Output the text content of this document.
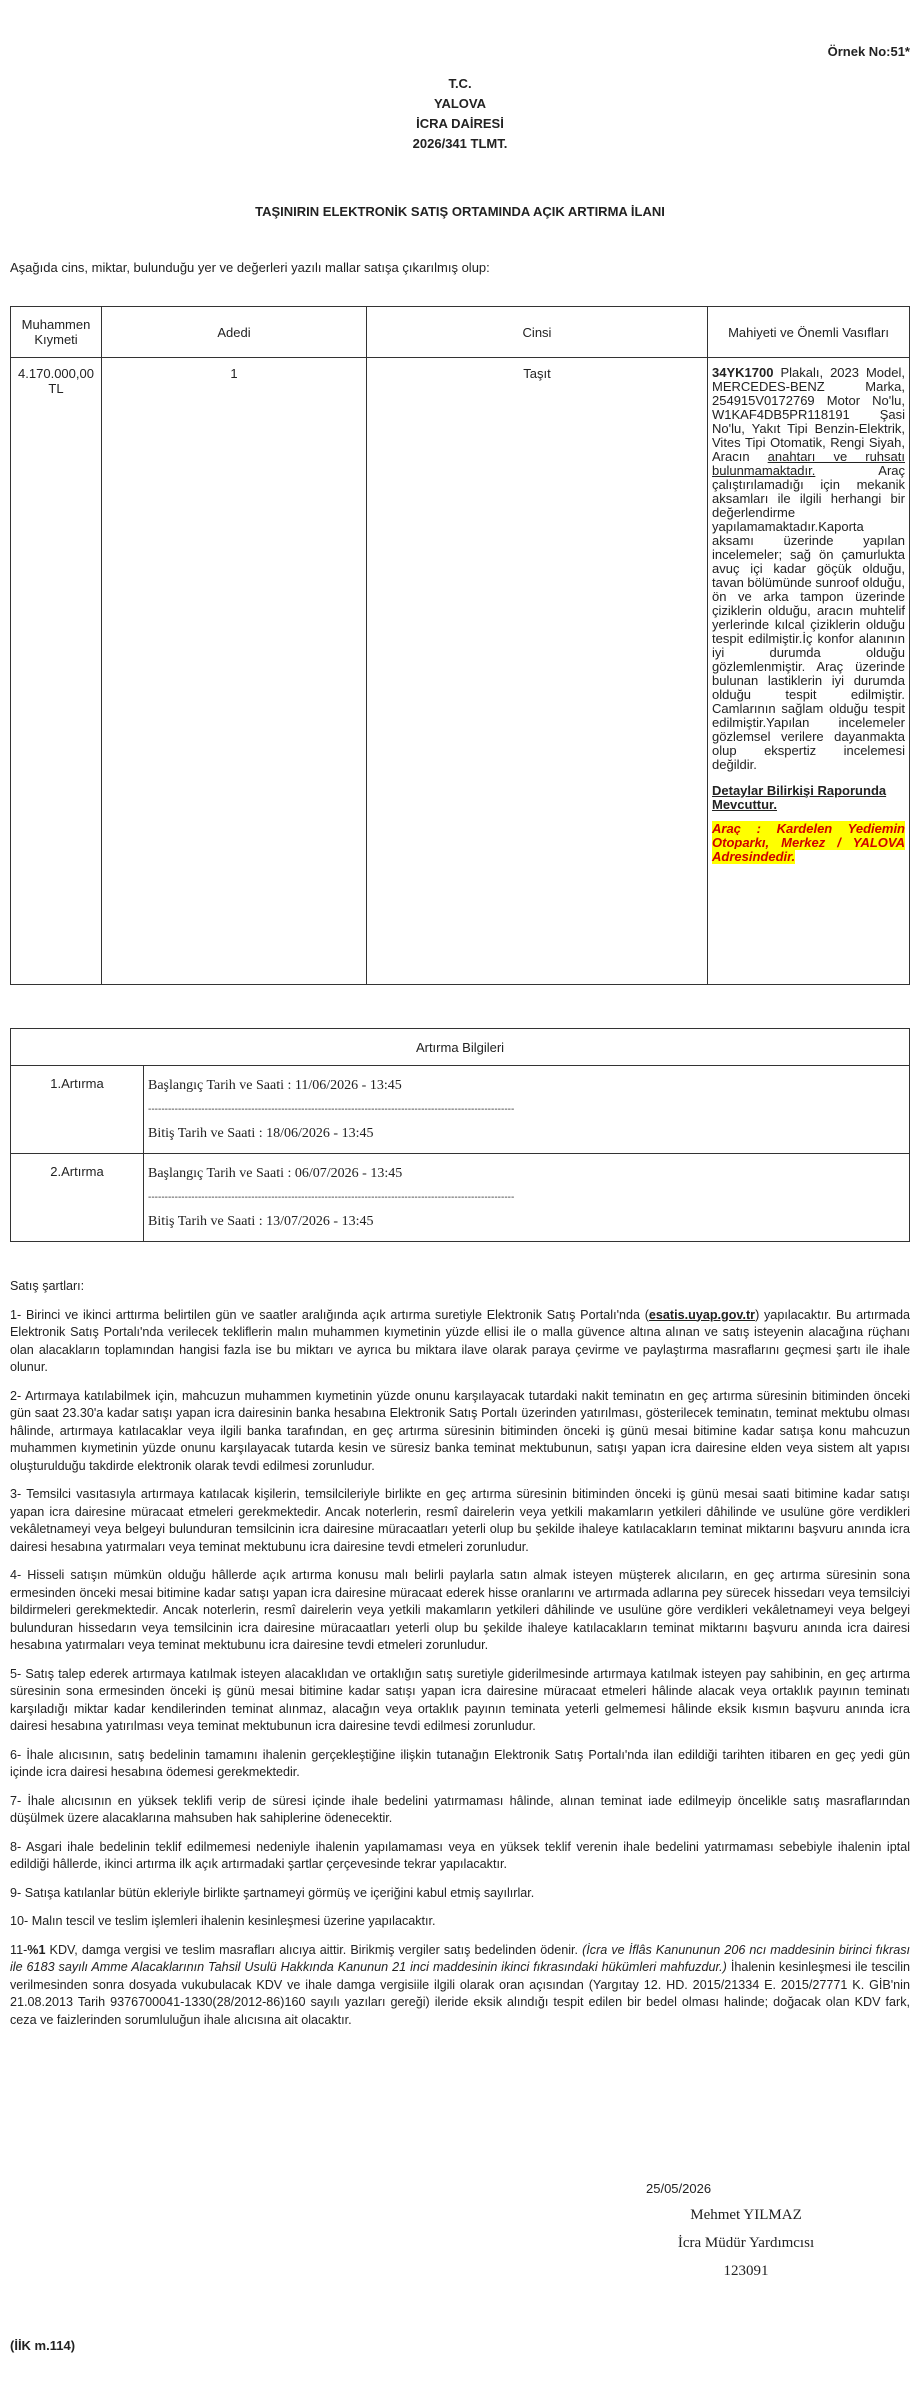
Örnek No:51*
T.C.
YALOVA
İCRA DAİRESİ
2026/341 TLMT.
TAŞINIRIN ELEKTRONİK SATIŞ ORTAMINDA AÇIK ARTIRMA İLANI
Aşağıda cins, miktar, bulunduğu yer ve değerleri yazılı mallar satışa çıkarılmış olup:
Muhammen Kıymeti	Adedi	Cinsi	Mahiyeti ve Önemli Vasıfları
4.170.000,00 TL	1	Taşıt	34YK1700 Plakalı, 2023 Model, MERCEDES-BENZ Marka, 254915V0172769 Motor No'lu, W1KAF4DB5PR118191 Şasi No'lu, Yakıt Tipi Benzin-Elektrik, Vites Tipi Otomatik, Rengi Siyah, Aracın anahtarı ve ruhsatı bulunmamaktadır. Araç çalıştırılamadığı için mekanik aksamları ile ilgili herhangi bir değerlendirme yapılamamaktadır.Kaporta aksamı üzerinde yapılan incelemeler; sağ ön çamurlukta avuç içi kadar göçük olduğu, tavan bölümünde sunroof olduğu, ön ve arka tampon üzerinde çiziklerin olduğu, aracın muhtelif yerlerinde kılcal çiziklerin olduğu tespit edilmiştir.İç konfor alanının iyi durumda olduğu gözlemlenmiştir. Araç üzerinde bulunan lastiklerin iyi durumda olduğu tespit edilmiştir. Camlarının sağlam olduğu tespit edilmiştir.Yapılan incelemeler gözlemsel verilere dayanmakta olup ekspertiz incelemesi değildir.
Detaylar Bilirkişi Raporunda Mevcuttur.
Araç : Kardelen Yediemin Otoparkı, Merkez / YALOVA Adresindedir.
Artırma Bilgileri	
1.Artırma	Başlangıç Tarih ve Saati : 11/06/2026 - 13:45
--------------------------------------------------------------------------------------------------------------
Bitiş Tarih ve Saati : 18/06/2026 - 13:45

2.Artırma	Başlangıç Tarih ve Saati : 06/07/2026 - 13:45
--------------------------------------------------------------------------------------------------------------
Bitiş Tarih ve Saati : 13/07/2026 - 13:45

Satış şartları:

1- Birinci ve ikinci arttırma belirtilen gün ve saatler aralığında açık artırma suretiyle Elektronik Satış Portalı'nda (esatis.uyap.gov.tr) yapılacaktır. Bu artırmada Elektronik Satış Portalı'nda verilecek tekliflerin malın muhammen kıymetinin yüzde ellisi ile o malla güvence altına alınan ve satış isteyenin alacağına rüçhanı olan alacakların toplamından hangisi fazla ise bu miktarı ve ayrıca bu miktara ilave olarak paraya çevirme ve paylaştırma masraflarını geçmesi şartı ile ihale olunur.

2- Artırmaya katılabilmek için, mahcuzun muhammen kıymetinin yüzde onunu karşılayacak tutardaki nakit teminatın en geç artırma süresinin bitiminden önceki gün saat 23.30'a kadar satışı yapan icra dairesinin banka hesabına Elektronik Satış Portalı üzerinden yatırılması, gösterilecek teminatın, teminat mektubu olması hâlinde, artırmaya katılacaklar veya ilgili banka tarafından, en geç artırma süresinin bitiminden önceki iş günü mesai bitimine kadar satışa konu mahcuzun muhammen kıymetinin yüzde onunu karşılayacak tutarda kesin ve süresiz banka teminat mektubunun, satışı yapan icra dairesine elden veya sistem alt yapısı oluşturulduğu takdirde elektronik olarak tevdi edilmesi zorunludur.

3- Temsilci vasıtasıyla artırmaya katılacak kişilerin, temsilcileriyle birlikte en geç artırma süresinin bitiminden önceki iş günü mesai saati bitimine kadar satışı yapan icra dairesine müracaat etmeleri gerekmektedir. Ancak noterlerin, resmî dairelerin veya yetkili makamların yetkileri dâhilinde ve usulüne göre verdikleri vekâletnameyi veya belgeyi bulunduran temsilcinin icra dairesine müracaatları yeterli olup bu şekilde ihaleye katılacakların teminat miktarını başvuru anında icra dairesi hesabına yatırmaları veya teminat mektubunu icra dairesine tevdi etmeleri zorunludur.

4- Hisseli satışın mümkün olduğu hâllerde açık artırma konusu malı belirli paylarla satın almak isteyen müşterek alıcıların, en geç artırma süresinin sona ermesinden önceki mesai bitimine kadar satışı yapan icra dairesine müracaat ederek hisse oranlarını ve artırmada adlarına pey sürecek hissedarı veya temsilciyi bildirmeleri gerekmektedir. Ancak noterlerin, resmî dairelerin veya yetkili makamların yetkileri dâhilinde ve usulüne göre verdikleri vekâletnameyi veya belgeyi bulunduran hissedarın veya temsilcinin icra dairesine müracaatları yeterli olup bu şekilde ihaleye katılacakların teminat miktarını başvuru anında icra dairesi hesabına yatırmaları veya teminat mektubunu icra dairesine tevdi etmeleri zorunludur.

5- Satış talep ederek artırmaya katılmak isteyen alacaklıdan ve ortaklığın satış suretiyle giderilmesinde artırmaya katılmak isteyen pay sahibinin, en geç artırma süresinin sona ermesinden önceki iş günü mesai bitimine kadar satışı yapan icra dairesine müracaat etmeleri hâlinde alacak veya ortaklık payının teminatı karşıladığı miktar kadar kendilerinden teminat alınmaz, alacağın veya ortaklık payının teminata yeterli gelmemesi hâlinde eksik kısmın başvuru anında icra dairesi hesabına yatırılması veya teminat mektubunun icra dairesine tevdi edilmesi zorunludur.

6- İhale alıcısının, satış bedelinin tamamını ihalenin gerçekleştiğine ilişkin tutanağın Elektronik Satış Portalı'nda ilan edildiği tarihten itibaren en geç yedi gün içinde icra dairesi hesabına ödemesi gerekmektedir.

7- İhale alıcısının en yüksek teklifi verip de süresi içinde ihale bedelini yatırmaması hâlinde, alınan teminat iade edilmeyip öncelikle satış masraflarından düşülmek üzere alacaklarına mahsuben hak sahiplerine ödenecektir.

8- Asgari ihale bedelinin teklif edilmemesi nedeniyle ihalenin yapılamaması veya en yüksek teklif verenin ihale bedelini yatırmaması sebebiyle ihalenin iptal edildiği hâllerde, ikinci artırma ilk açık artırmadaki şartlar çerçevesinde tekrar yapılacaktır.

9- Satışa katılanlar bütün ekleriyle birlikte şartnameyi görmüş ve içeriğini kabul etmiş sayılırlar.

10- Malın tescil ve teslim işlemleri ihalenin kesinleşmesi üzerine yapılacaktır.

11-%1 KDV, damga vergisi ve teslim masrafları alıcıya aittir. Birikmiş vergiler satış bedelinden ödenir. (İcra ve İflâs Kanununun 206 ncı maddesinin birinci fıkrası ile 6183 sayılı Amme Alacaklarının Tahsil Usulü Hakkında Kanunun 21 inci maddesinin ikinci fıkrasındaki hükümleri mahfuzdur.) İhalenin kesinleşmesi ile tescilin verilmesinden sonra dosyada vukubulacak KDV ve ihale damga vergisiile ilgili olarak oran açısından (Yargıtay 12. HD. 2015/21334 E. 2015/27771 K. GİB'nin 21.08.2013 Tarih 9376700041-1330(28/2012-86)160 sayılı yazıları gereği) ileride eksik alındığı tespit edilen bir bedel olması halinde; doğacak olan KDV fark, ceza ve faizlerinden sorumluluğun ihale alıcısına ait olacaktır.

25/05/2026
Mehmet YILMAZ
İcra Müdür Yardımcısı
123091
(İİK m.114)
